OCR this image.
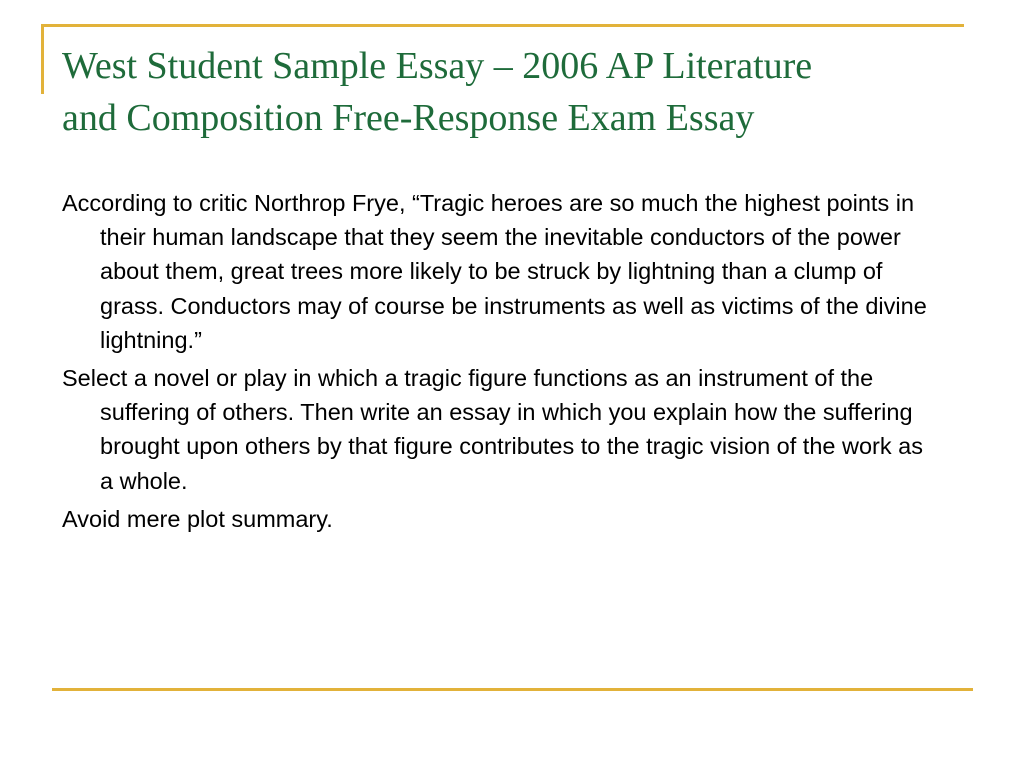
West Student Sample Essay – 2006 AP Literature
and Composition Free-Response Exam Essay

According to critic Northrop Frye, “Tragic heroes are so much the highest points in their human landscape that they seem the inevitable conductors of the power about them, great trees more likely to be struck by lightning than a clump of grass. Conductors may of course be instruments as well as victims of the divine lightning.”

Select a novel or play in which a tragic figure functions as an instrument of the suffering of others. Then write an essay in which you explain how the suffering brought upon others by that figure contributes to the tragic vision of the work as a whole.

Avoid mere plot summary.
